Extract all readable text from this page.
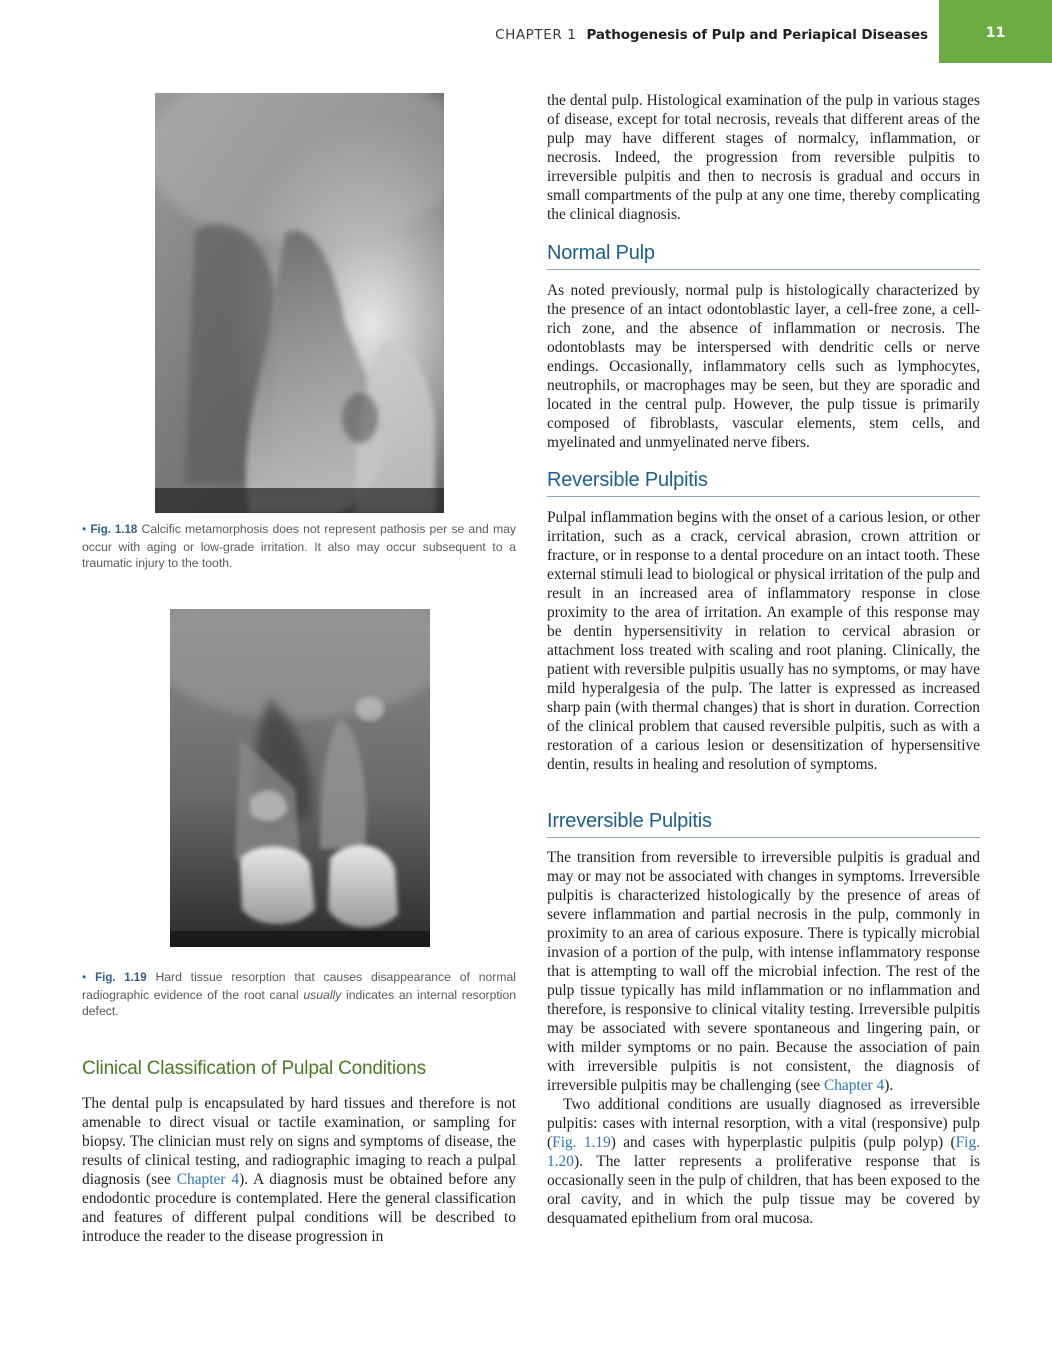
CHAPTER 1 Pathogenesis of Pulp and Periapical Diseases	11
• Fig. 1.18 Calcific metamorphosis does not represent pathosis per se and may occur with aging or low-grade irritation. It also may occur subsequent to a traumatic injury to the tooth.
• Fig. 1.19 Hard tissue resorption that causes disappearance of normal radiographic evidence of the root canal usually indicates an internal resorption defect.
Clinical Classification of Pulpal Conditions

The dental pulp is encapsulated by hard tissues and therefore is not amenable to direct visual or tactile examination, or sampling for biopsy. The clinician must rely on signs and symptoms of disease, the results of clinical testing, and radiographic imaging to reach a pulpal diagnosis (see Chapter 4). A diagnosis must be obtained before any endodontic procedure is contemplated. Here the general classification and features of different pulpal conditions will be described to introduce the reader to the disease progression in

the dental pulp. Histological examination of the pulp in various stages of disease, except for total necrosis, reveals that different areas of the pulp may have different stages of normalcy, inflammation, or necrosis. Indeed, the progression from reversible pulpitis to irreversible pulpitis and then to necrosis is gradual and occurs in small compartments of the pulp at any one time, thereby complicating the clinical diagnosis.

Normal Pulp

As noted previously, normal pulp is histologically characterized by the presence of an intact odontoblastic layer, a cell-free zone, a cell-rich zone, and the absence of inflammation or necrosis. The odontoblasts may be interspersed with dendritic cells or nerve endings. Occasionally, inflammatory cells such as lymphocytes, neutrophils, or macrophages may be seen, but they are sporadic and located in the central pulp. However, the pulp tissue is primarily composed of fibroblasts, vascular elements, stem cells, and myelinated and unmyelinated nerve fibers.

Reversible Pulpitis

Pulpal inflammation begins with the onset of a carious lesion, or other irritation, such as a crack, cervical abrasion, crown attrition or fracture, or in response to a dental procedure on an intact tooth. These external stimuli lead to biological or physical irritation of the pulp and result in an increased area of inflammatory response in close proximity to the area of irritation. An example of this response may be dentin hypersensitivity in relation to cervical abrasion or attachment loss treated with scaling and root planing. Clinically, the patient with reversible pulpitis usually has no symptoms, or may have mild hyperalgesia of the pulp. The latter is expressed as increased sharp pain (with thermal changes) that is short in duration. Correction of the clinical problem that caused reversible pulpitis, such as with a restoration of a carious lesion or desensitization of hypersensitive dentin, results in healing and resolution of symptoms.

Irreversible Pulpitis

The transition from reversible to irreversible pulpitis is gradual and may or may not be associated with changes in symptoms. Irreversible pulpitis is characterized histologically by the presence of areas of severe inflammation and partial necrosis in the pulp, commonly in proximity to an area of carious exposure. There is typically microbial invasion of a portion of the pulp, with intense inflammatory response that is attempting to wall off the microbial infection. The rest of the pulp tissue typically has mild inflammation or no inflammation and therefore, is responsive to clinical vitality testing. Irreversible pulpitis may be associated with severe spontaneous and lingering pain, or with milder symptoms or no pain. Because the association of pain with irreversible pulpitis is not consistent, the diagnosis of irreversible pulpitis may be challenging (see Chapter 4).

Two additional conditions are usually diagnosed as irreversible pulpitis: cases with internal resorption, with a vital (responsive) pulp (Fig. 1.19) and cases with hyperplastic pulpitis (pulp polyp) (Fig. 1.20). The latter represents a proliferative response that is occasionally seen in the pulp of children, that has been exposed to the oral cavity, and in which the pulp tissue may be covered by desquamated epithelium from oral mucosa.
